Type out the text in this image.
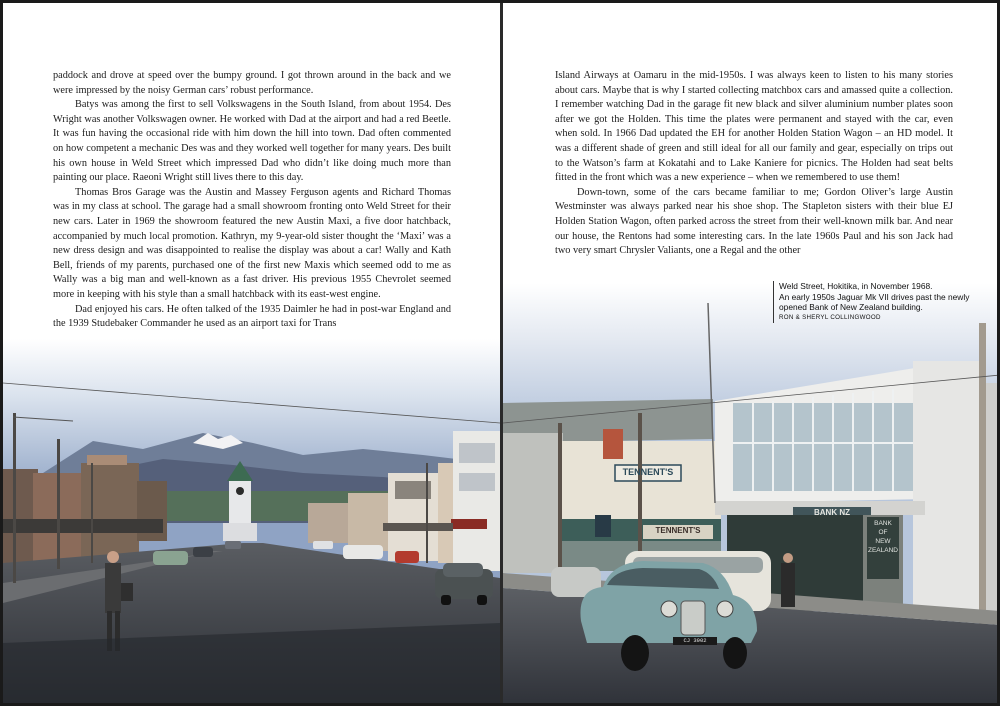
paddock and drove at speed over the bumpy ground. I got thrown around in the back and we were impressed by the noisy German cars’ robust performance.

Batys was among the first to sell Volkswagens in the South Island, from about 1954. Des Wright was another Volkswagen owner. He worked with Dad at the airport and had a red Beetle. It was fun having the occasional ride with him down the hill into town. Dad often commented on how competent a mechanic Des was and they worked well together for many years. Des built his own house in Weld Street which impressed Dad who didn’t like doing much more than painting our place. Raeoni Wright still lives there to this day.

Thomas Bros Garage was the Austin and Massey Ferguson agents and Richard Thomas was in my class at school. The garage had a small showroom fronting onto Weld Street for their new cars. Later in 1969 the showroom featured the new Austin Maxi, a five door hatchback, accompanied by much local promotion. Kathryn, my 9-year-old sister thought the ‘Maxi’ was a new dress design and was disappointed to realise the display was about a car! Wally and Kath Bell, friends of my parents, purchased one of the first new Maxis which seemed odd to me as Wally was a big man and well-known as a fast driver. His previous 1955 Chevrolet seemed more in keeping with his style than a small hatchback with its east-west engine.

Dad enjoyed his cars. He often talked of the 1935 Daimler he had in post-war England and the 1939 Studebaker Commander he used as an airport taxi for Trans

TENNENT'S
TENNENT'S
BANK NZ
BANK
OF
NEW
ZEALAND
CJ 3902

Island Airways at Oamaru in the mid-1950s. I was always keen to listen to his many stories about cars. Maybe that is why I started collecting matchbox cars and amassed quite a collection. I remember watching Dad in the garage fit new black and silver aluminium number plates soon after we got the Holden. This time the plates were permanent and stayed with the car, even when sold. In 1966 Dad updated the EH for another Holden Station Wagon – an HD model. It was a different shade of green and still ideal for all our family and gear, especially on trips out to the Watson’s farm at Kokatahi and to Lake Kaniere for picnics. The Holden had seat belts fitted in the front which was a new experience – when we remembered to use them!

Down-town, some of the cars became familiar to me; Gordon Oliver’s large Austin Westminster was always parked near his shoe shop. The Stapleton sisters with their blue EJ Holden Station Wagon, often parked across the street from their well-known milk bar. And near our house, the Rentons had some interesting cars. In the late 1960s Paul and his son Jack had two very smart Chrysler Valiants, one a Regal and the other

Weld Street, Hokitika, in November 1968.
An early 1950s Jaguar Mk VII drives past the newly opened Bank of New Zealand building.
RON & SHERYL COLLINGWOOD
